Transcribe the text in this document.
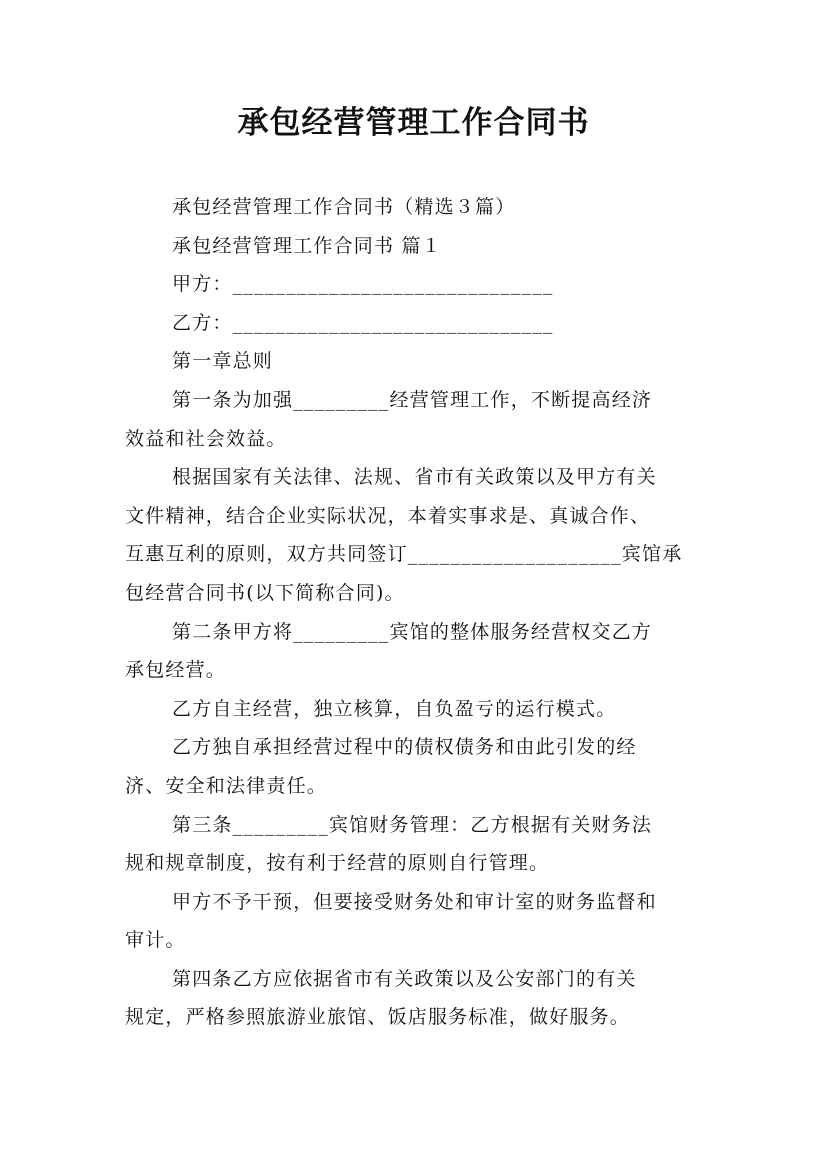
承包经营管理工作合同书
承包经营管理工作合同书（精选３篇）
承包经营管理工作合同书 篇１
甲方：______________________________
乙方：______________________________
第一章总则
第一条为加强_________经营管理工作，不断提高经济
效益和社会效益。
根据国家有关法律、法规、省市有关政策以及甲方有关
文件精神，结合企业实际状况，本着实事求是、真诚合作、
互惠互利的原则，双方共同签订____________________宾馆承
包经营合同书(以下简称合同)。
第二条甲方将_________宾馆的整体服务经营权交乙方
承包经营。
乙方自主经营，独立核算，自负盈亏的运行模式。
乙方独自承担经营过程中的债权债务和由此引发的经
济、安全和法律责任。
第三条_________宾馆财务管理：乙方根据有关财务法
规和规章制度，按有利于经营的原则自行管理。
甲方不予干预，但要接受财务处和审计室的财务监督和
审计。
第四条乙方应依据省市有关政策以及公安部门的有关
规定，严格参照旅游业旅馆、饭店服务标准，做好服务。
